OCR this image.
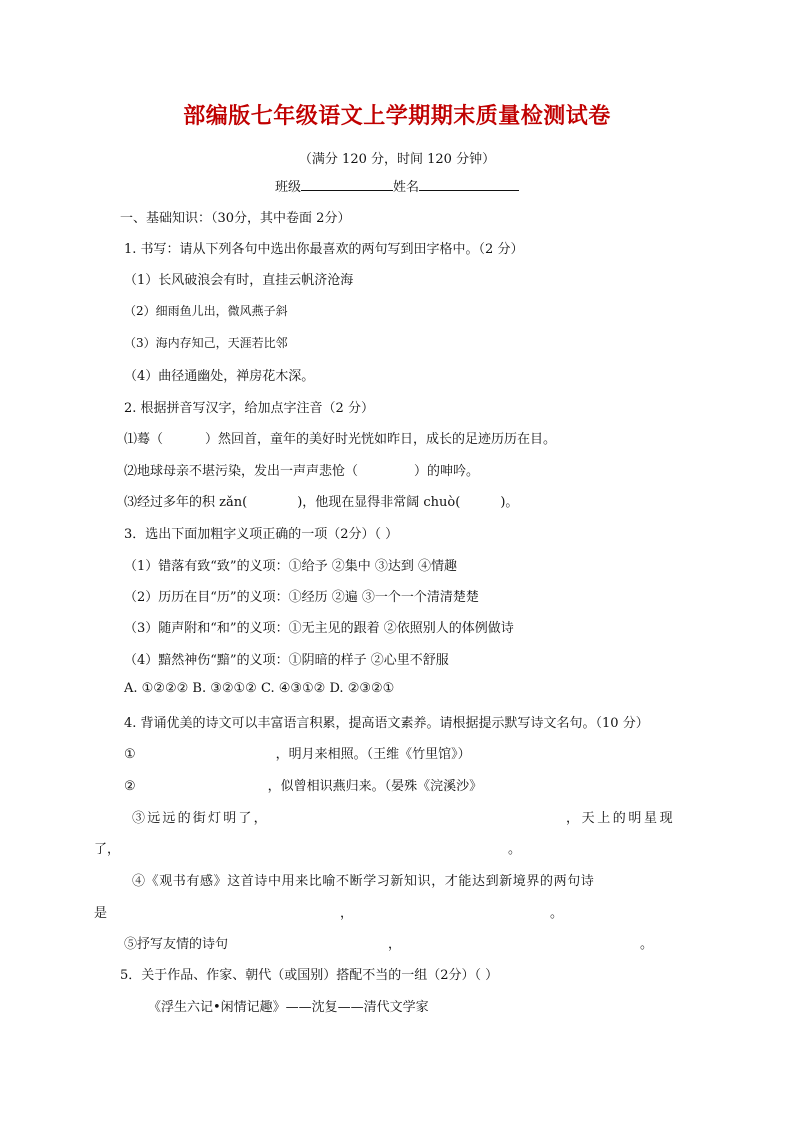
部编版七年级语文上学期期末质量检测试卷
（满分 120 分，时间 120 分钟）
班级	姓名
一、基础知识：（30分，其中卷面 2分）
1. 书写：请从下列各句中选出你最喜欢的两句写到田字格中。（2 分）
（1）长风破浪会有时，直挂云帆济沧海
（2）细雨鱼儿出，微风燕子斜
（3）海内存知己，天涯若比邻
（4）曲径通幽处，禅房花木深。
2. 根据拼音写汉字，给加点字注音（2 分）
⑴蓦（	）然回首，童年的美好时光恍如昨日，成长的足迹历历在目。
⑵地球母亲不堪污染，发出一声声悲怆（	）的呻吟。
⑶经过多年的积 zǎn(	)，他现在显得非常阔 chuò(	)。
3．选出下面加粗字义项正确的一项（2分）（ ）
（1）错落有致“致”的义项：①给予 ②集中 ③达到 ④情趣
（2）历历在目“历”的义项：①经历 ②遍 ③一个一个清清楚楚
（3）随声附和“和”的义项：①无主见的跟着 ②依照别人的体例做诗
（4）黯然神伤“黯”的义项：①阴暗的样子 ②心里不舒服
A. ①②②② B. ③②①② C. ④③①② D. ②③②①
4. 背诵优美的诗文可以丰富语言积累，提高语文素养。请根据提示默写诗文名句。（10 分）
①	，明月来相照。（王维《竹里馆》）
②	，似曾相识燕归来。（晏殊《浣溪沙》
③远远的街灯明了，	，天上的明星现
了，	。
④《观书有感》这首诗中用来比喻不断学习新知识，才能达到新境界的两句诗
是	，	。
⑤抒写友情的诗句	，	。
5．关于作品、作家、朝代（或国别）搭配不当的一组（2分）（ ）
《浮生六记•闲情记趣》——沈复——清代文学家
